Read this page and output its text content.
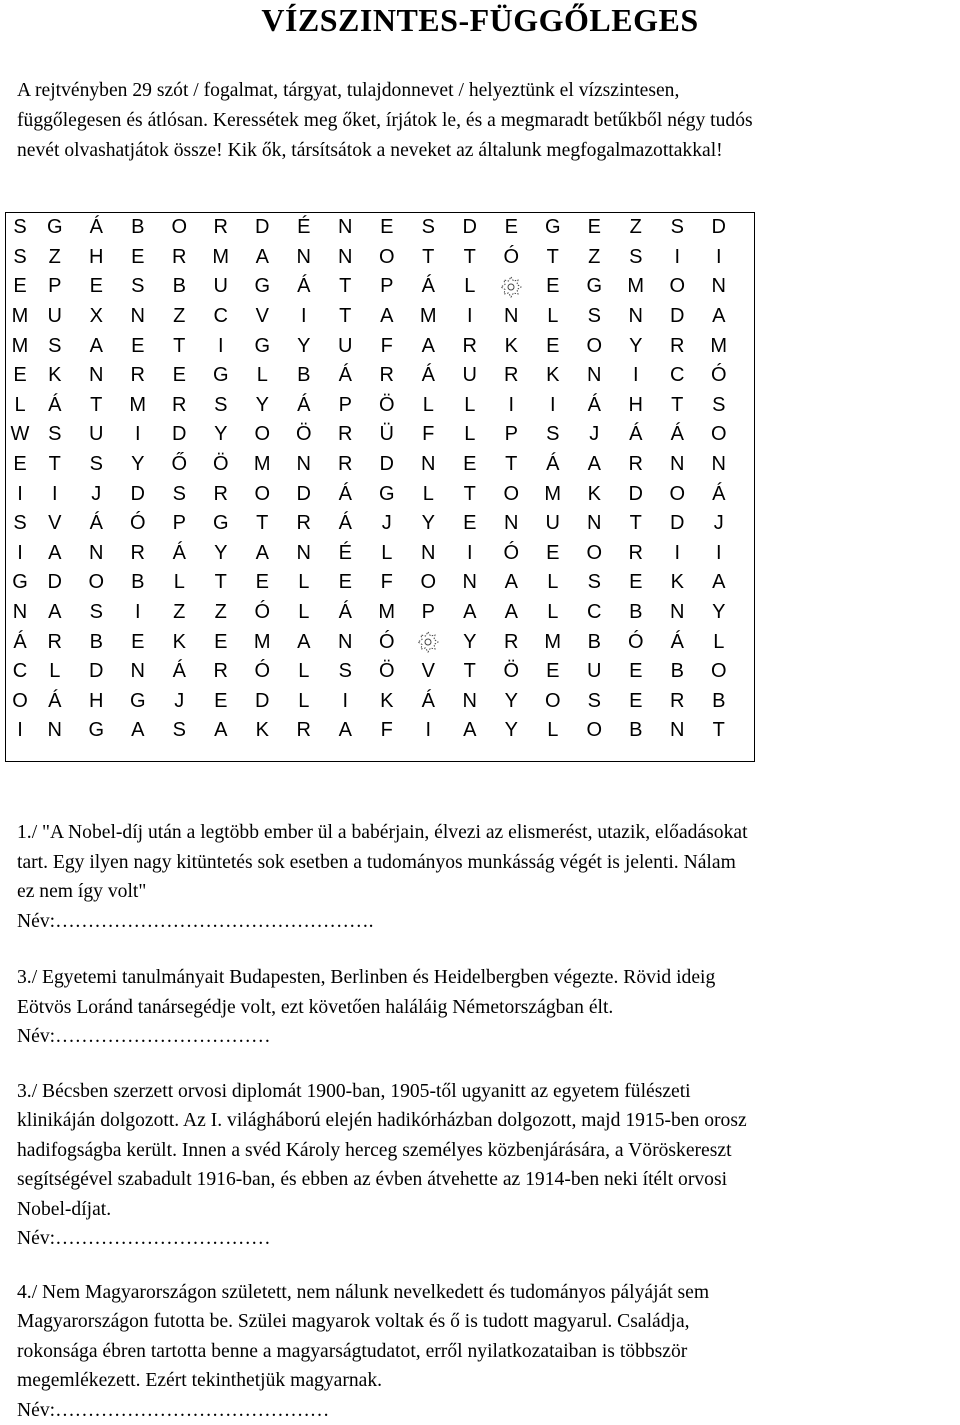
VÍZSZINTES-FÜGGŐLEGES
A rejtvényben 29 szót / fogalmat, tárgyat, tulajdonnevet / helyeztünk el vízszintesen,
függőlegesen és átlósan. Keressétek meg őket, írjátok le, és a megmaradt betűkből négy tudós
nevét olvashatjátok össze! Kik ők, társítsátok a neveket az általunk megfogalmazottakkal!
S	G	Á	B	O	R	D	É	N	E	S	D	E	G	E	Z	S	D
S	Z	H	E	R	M	A	N	N	O	T	T	Ó	T	Z	S	I	I
E	P	E	S	B	U	G	Á	T	P	Á	L		E	G	M	O	N
M	U	X	N	Z	C	V	I	T	A	M	I	N	L	S	N	D	A
M	S	A	E	T	I	G	Y	U	F	A	R	K	E	O	Y	R	M
E	K	N	R	E	G	L	B	Á	R	Á	U	R	K	N	I	C	Ó
L	Á	T	M	R	S	Y	Á	P	Ö	L	L	I	I	Á	H	T	S
W	S	U	I	D	Y	O	Ö	R	Ü	F	L	P	S	J	Á	Á	O
E	T	S	Y	Ő	Ö	M	N	R	D	N	E	T	Á	A	R	N	N
I	I	J	D	S	R	O	D	Á	G	L	T	O	M	K	D	O	Á
S	V	Á	Ó	P	G	T	R	Á	J	Y	E	N	U	N	T	D	J
I	A	N	R	Á	Y	A	N	É	L	N	I	Ó	E	O	R	I	I
G	D	O	B	L	T	E	L	E	F	O	N	A	L	S	E	K	A
N	A	S	I	Z	Z	Ó	L	Á	M	P	A	A	L	C	B	N	Y
Á	R	B	E	K	E	M	A	N	Ó		Y	R	M	B	Ó	Á	L
C	L	D	N	Á	R	Ó	L	S	Ö	V	T	Ö	E	U	E	B	O
O	Á	H	G	J	E	D	L	I	K	Á	N	Y	O	S	E	R	B
I	N	G	A	S	A	K	R	A	F	I	A	Y	L	O	B	N	T
1./ "A Nobel-díj után a legtöbb ember ül a babérjain, élvezi az elismerést, utazik, előadásokat
tart. Egy ilyen nagy kitüntetés sok esetben a tudományos munkásság végét is jelenti. Nálam
ez nem így volt"
Név:………………………………………….
3./ Egyetemi tanulmányait Budapesten, Berlinben és Heidelbergben végezte. Rövid ideig
Eötvös Loránd tanársegédje volt, ezt követően haláláig Németországban élt.
Név:……………………………
3./ Bécsben szerzett orvosi diplomát 1900-ban, 1905-től ugyanitt az egyetem fülészeti
klinikáján dolgozott. Az I. világháború elején hadikórházban dolgozott, majd 1915-ben orosz
hadifogságba került. Innen a svéd Károly herceg személyes közbenjárására, a Vöröskereszt
segítségével szabadult 1916-ban, és ebben az évben átvehette az 1914-ben neki ítélt orvosi
Nobel-díjat.
Név:……………………………
4./ Nem Magyarországon született, nem nálunk nevelkedett és tudományos pályáját sem
Magyarországon futotta be. Szülei magyarok voltak és ő is tudott magyarul. Családja,
rokonsága ébren tartotta benne a magyarságtudatot, erről nyilatkozataiban is többször
megemlékezett. Ezért tekinthetjük magyarnak.
Név:……………………………………
